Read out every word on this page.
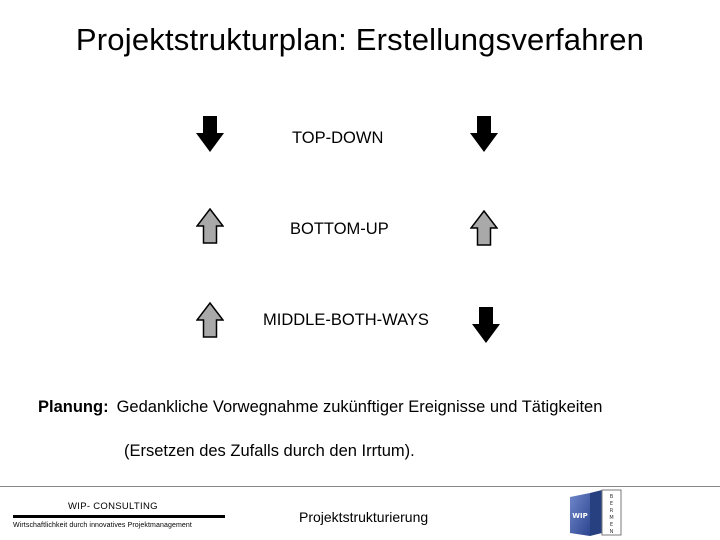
Projektstrukturplan: Erstellungsverfahren
TOP-DOWN
BOTTOM-UP
MIDDLE-BOTH-WAYS
Planung: Gedankliche Vorwegnahme zukünftiger Ereignisse und Tätigkeiten
(Ersetzen des Zufalls durch den Irrtum).
WIP- CONSULTING
Wirtschaftlichkeit durch innovatives Projektmanagement
Projektstrukturierung	WIP
B
E
R
M
E
N
